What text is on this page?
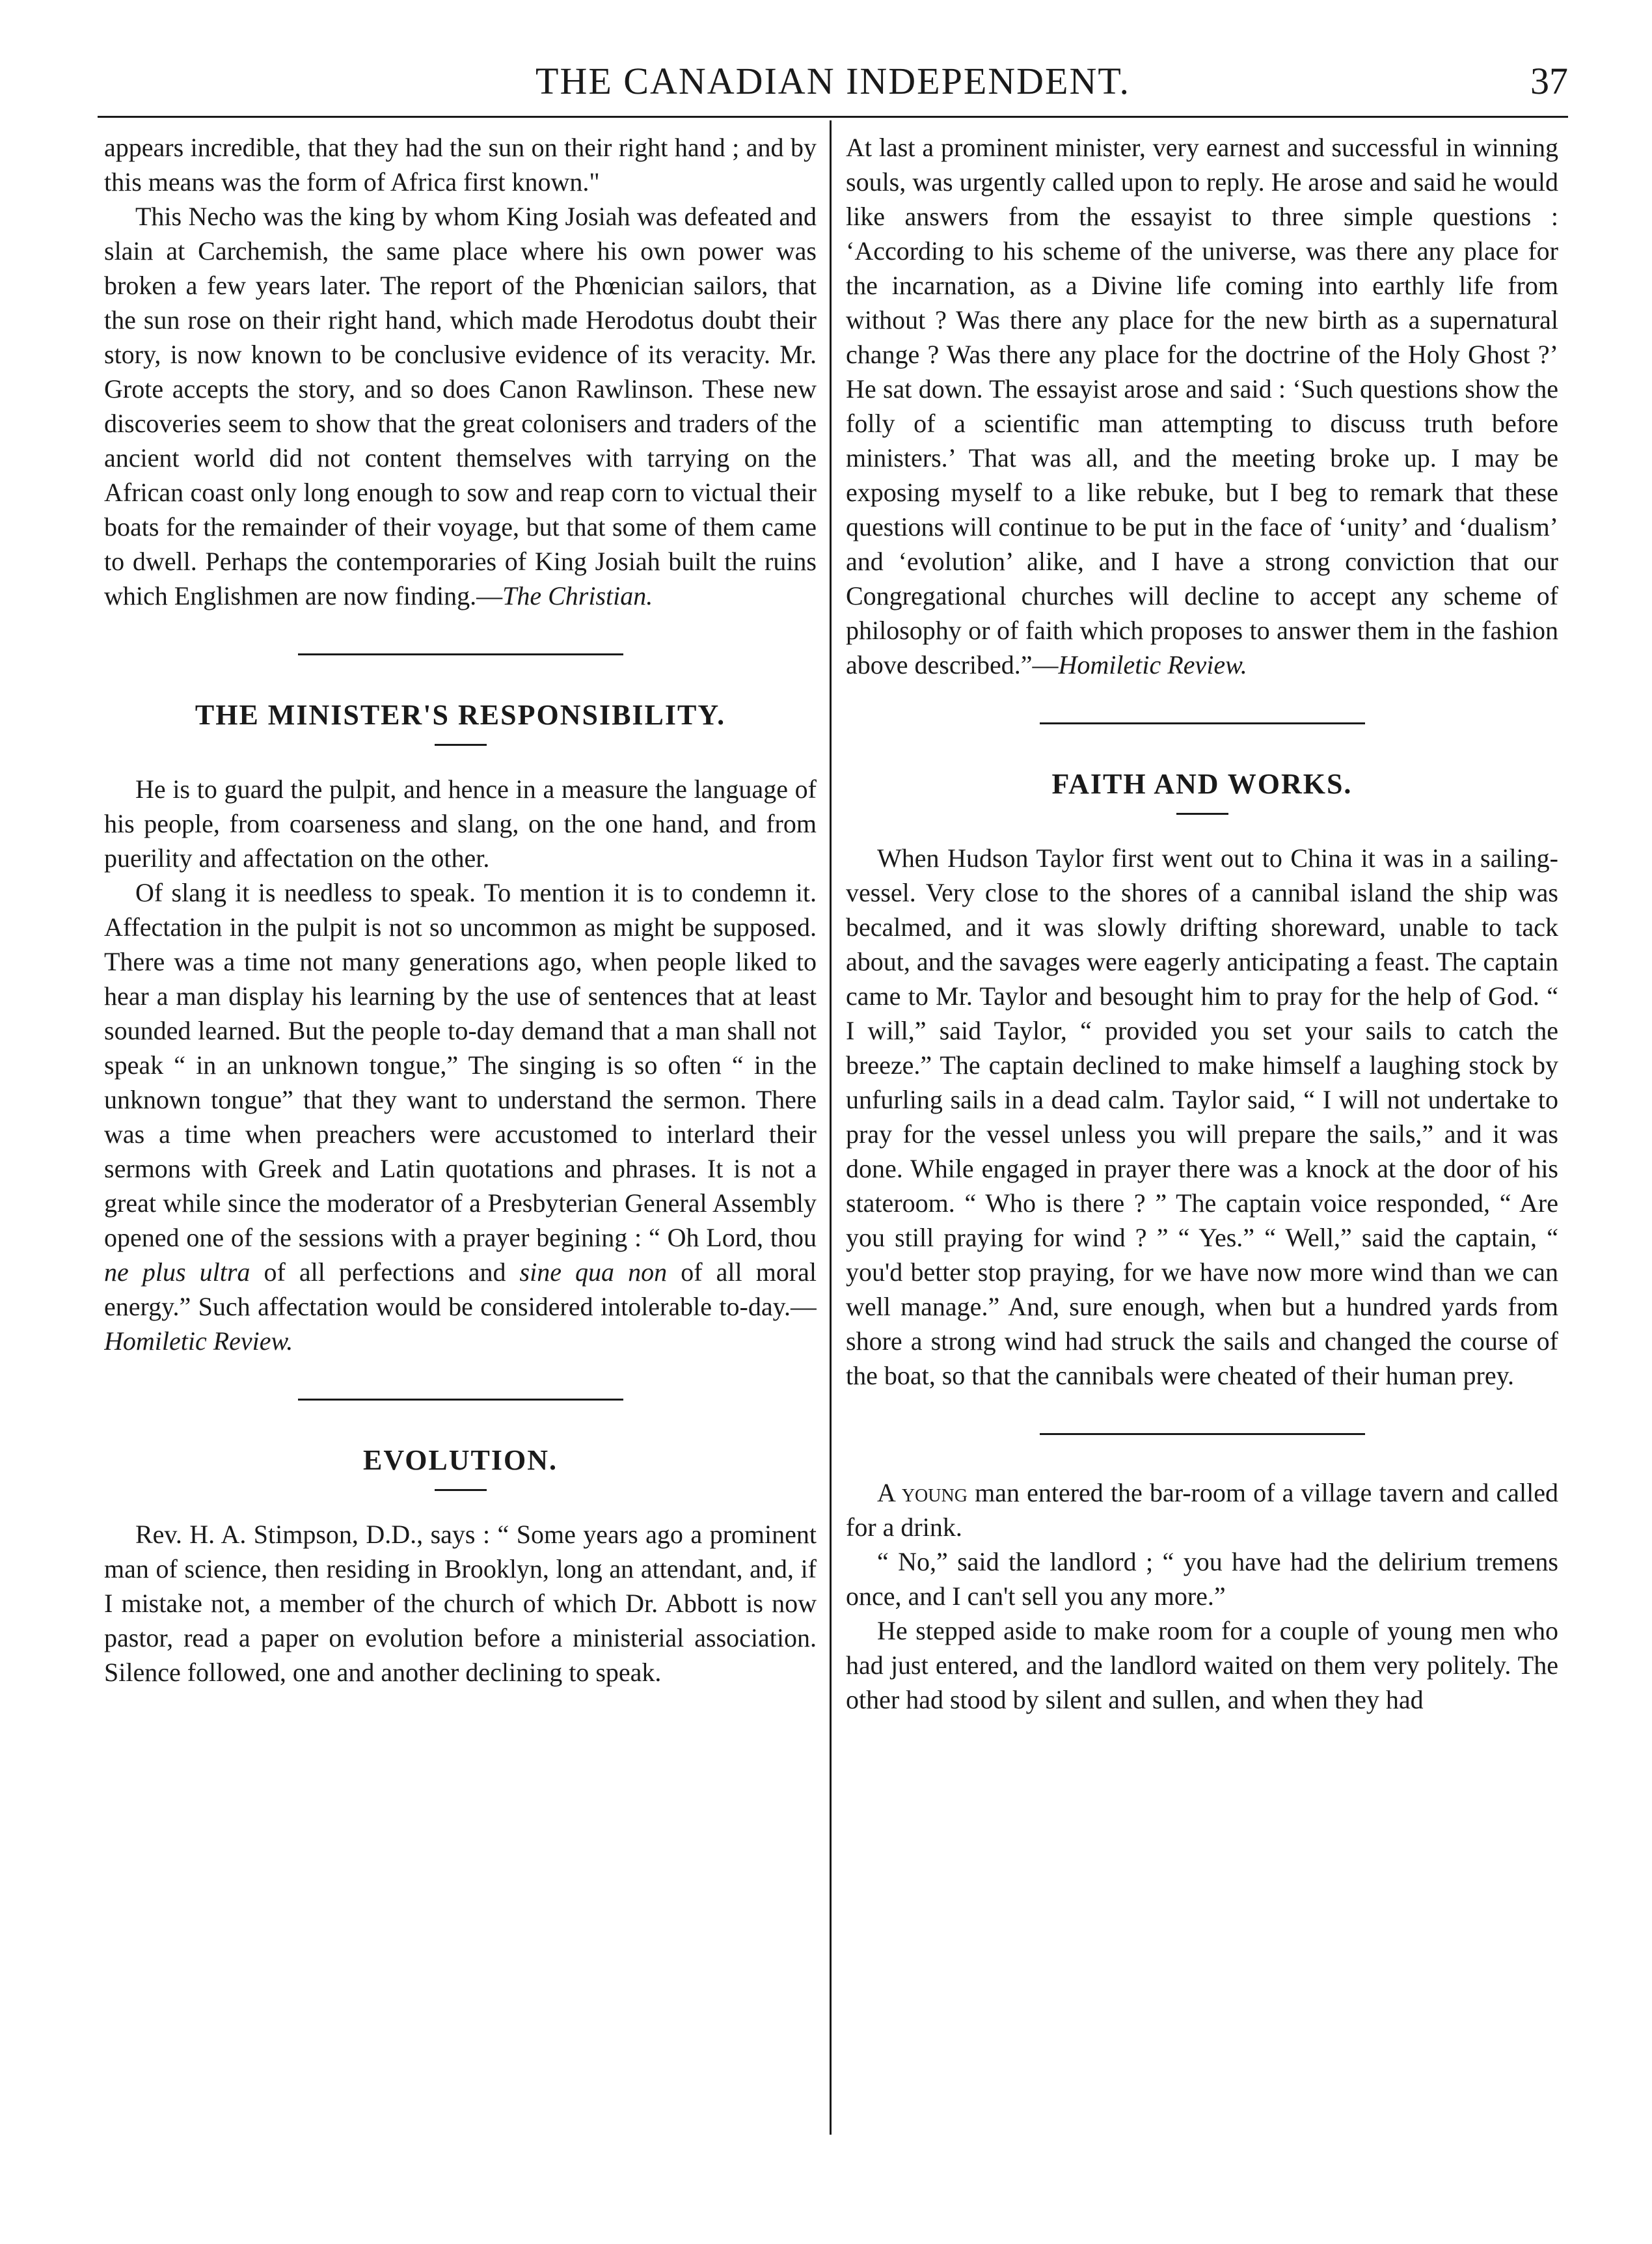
THE CANADIAN INDEPENDENT.	37

appears incredible, that they had the sun on their right hand ; and by this means was the form of Africa first known."

This Necho was the king by whom King Josiah was defeated and slain at Carchemish, the same place where his own power was broken a few years later. The report of the Phœnician sailors, that the sun rose on their right hand, which made Herodotus doubt their story, is now known to be conclusive evidence of its veracity. Mr. Grote accepts the story, and so does Canon Rawlinson. These new discoveries seem to show that the great colonisers and traders of the ancient world did not content themselves with tarrying on the African coast only long enough to sow and reap corn to victual their boats for the remainder of their voyage, but that some of them came to dwell. Perhaps the contemporaries of King Josiah built the ruins which Englishmen are now finding.—The Christian.

THE MINISTER'S RESPONSIBILITY.

He is to guard the pulpit, and hence in a measure the language of his people, from coarseness and slang, on the one hand, and from puerility and affectation on the other.

Of slang it is needless to speak. To mention it is to condemn it. Affectation in the pulpit is not so uncommon as might be supposed. There was a time not many generations ago, when people liked to hear a man display his learning by the use of sentences that at least sounded learned. But the people to-day demand that a man shall not speak “ in an unknown tongue,” The singing is so often “ in the unknown tongue” that they want to understand the sermon. There was a time when preachers were accustomed to interlard their sermons with Greek and Latin quotations and phrases. It is not a great while since the moderator of a Presbyterian General Assembly opened one of the sessions with a prayer begining : “ Oh Lord, thou ne plus ultra of all perfections and sine qua non of all moral energy.” Such affectation would be considered intolerable to-day.—Homiletic Review.

EVOLUTION.

Rev. H. A. Stimpson, D.D., says : “ Some years ago a prominent man of science, then residing in Brooklyn, long an attendant, and, if I mistake not, a member of the church of which Dr. Abbott is now pastor, read a paper on evolution before a ministerial association. Silence followed, one and another declining to speak.

At last a prominent minister, very earnest and successful in winning souls, was urgently called upon to reply. He arose and said he would like answers from the essayist to three simple questions : ‘According to his scheme of the universe, was there any place for the incarnation, as a Divine life coming into earthly life from without ? Was there any place for the new birth as a supernatural change ? Was there any place for the doctrine of the Holy Ghost ?’ He sat down. The essayist arose and said : ‘Such questions show the folly of a scientific man attempting to discuss truth before ministers.’ That was all, and the meeting broke up. I may be exposing myself to a like rebuke, but I beg to remark that these questions will continue to be put in the face of ‘unity’ and ‘dualism’ and ‘evolution’ alike, and I have a strong conviction that our Congregational churches will decline to accept any scheme of philosophy or of faith which proposes to answer them in the fashion above described.”—Homiletic Review.

FAITH AND WORKS.

When Hudson Taylor first went out to China it was in a sailing-vessel. Very close to the shores of a cannibal island the ship was becalmed, and it was slowly drifting shoreward, unable to tack about, and the savages were eagerly anticipating a feast. The captain came to Mr. Taylor and besought him to pray for the help of God. “ I will,” said Taylor, “ provided you set your sails to catch the breeze.” The captain declined to make himself a laughing stock by unfurling sails in a dead calm. Taylor said, “ I will not undertake to pray for the vessel unless you will prepare the sails,” and it was done. While engaged in prayer there was a knock at the door of his stateroom. “ Who is there ? ” The captain voice responded, “ Are you still praying for wind ? ” “ Yes.” “ Well,” said the captain, “ you'd better stop praying, for we have now more wind than we can well manage.” And, sure enough, when but a hundred yards from shore a strong wind had struck the sails and changed the course of the boat, so that the cannibals were cheated of their human prey.

A young man entered the bar-room of a village tavern and called for a drink.

“ No,” said the landlord ; “ you have had the delirium tremens once, and I can't sell you any more.”

He stepped aside to make room for a couple of young men who had just entered, and the landlord waited on them very politely. The other had stood by silent and sullen, and when they had
